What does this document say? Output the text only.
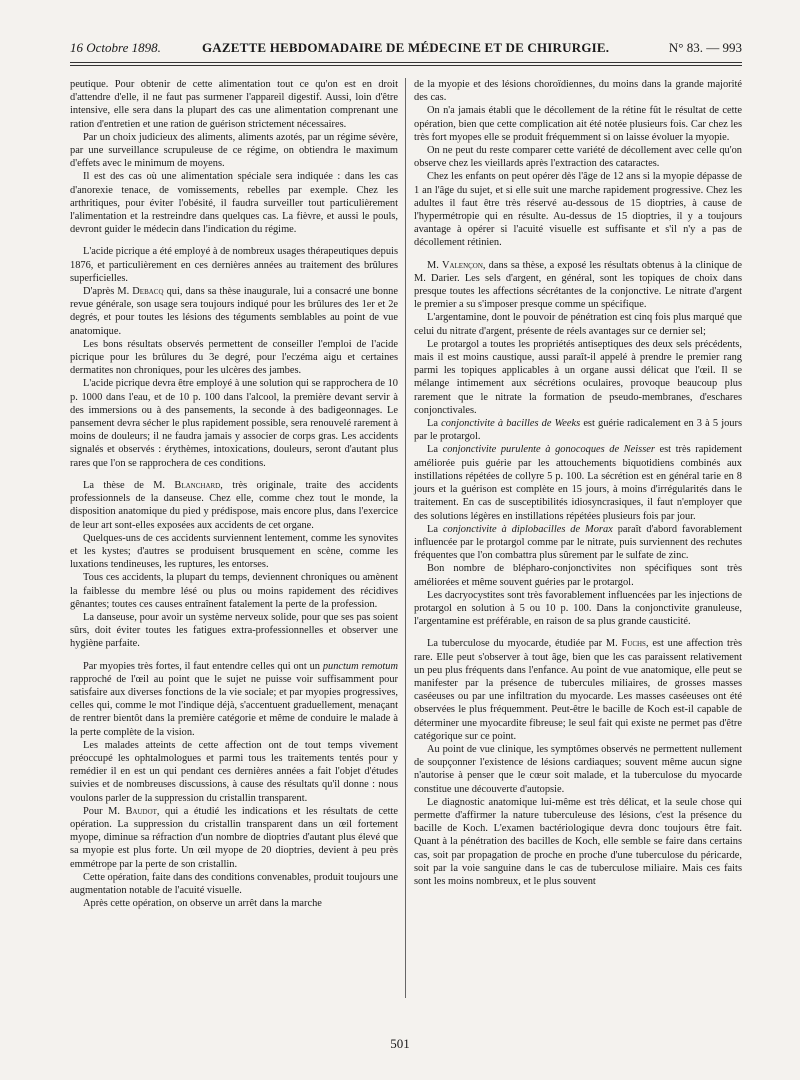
16 Octobre 1898.	GAZETTE HEBDOMADAIRE DE MÉDECINE ET DE CHIRURGIE.	N° 83. — 993

peutique. Pour obtenir de cette alimentation tout ce qu'on est en droit d'attendre d'elle, il ne faut pas surmener l'appareil digestif. Aussi, loin d'être intensive, elle sera dans la plupart des cas une alimentation comprenant une ration d'entretien et une ration de guérison strictement nécessaires.

Par un choix judicieux des aliments, aliments azotés, par un régime sévère, par une surveillance scrupuleuse de ce régime, on obtiendra le maximum d'effets avec le minimum de moyens.

Il est des cas où une alimentation spéciale sera indiquée : dans les cas d'anorexie tenace, de vomissements, rebelles par exemple. Chez les arthritiques, pour éviter l'obésité, il faudra surveiller tout particulièrement l'alimentation et la restreindre dans quelques cas. La fièvre, et aussi le pouls, devront guider le médecin dans l'indication du régime.

L'acide picrique a été employé à de nombreux usages thérapeutiques depuis 1876, et particulièrement en ces dernières années au traitement des brûlures superficielles.

D'après M. Debacq qui, dans sa thèse inaugurale, lui a consacré une bonne revue générale, son usage sera toujours indiqué pour les brûlures des 1er et 2e degrés, et pour toutes les lésions des téguments semblables au point de vue anatomique.

Les bons résultats observés permettent de conseiller l'emploi de l'acide picrique pour les brûlures du 3e degré, pour l'eczéma aigu et certaines dermatites non chroniques, pour les ulcères des jambes.

L'acide picrique devra être employé à une solution qui se rapprochera de 10 p. 1000 dans l'eau, et de 10 p. 100 dans l'alcool, la première devant servir à des immersions ou à des pansements, la seconde à des badigeonnages. Le pansement devra sécher le plus rapidement possible, sera renouvelé rarement à moins de douleurs; il ne faudra jamais y associer de corps gras. Les accidents signalés et observés : érythèmes, intoxications, douleurs, seront d'autant plus rares que l'on se rapprochera de ces conditions.

La thèse de M. Blanchard, très originale, traite des accidents professionnels de la danseuse. Chez elle, comme chez tout le monde, la disposition anatomique du pied y prédispose, mais encore plus, dans l'exercice de leur art sont-elles exposées aux accidents de cet organe.

Quelques-uns de ces accidents surviennent lentement, comme les synovites et les kystes; d'autres se produisent brusquement en scène, comme les luxations tendineuses, les ruptures, les entorses.

Tous ces accidents, la plupart du temps, deviennent chroniques ou amènent la faiblesse du membre lésé ou plus ou moins rapidement des récidives gênantes; toutes ces causes entraînent fatalement la perte de la profession.

La danseuse, pour avoir un système nerveux solide, pour que ses pas soient sûrs, doit éviter toutes les fatigues extra-professionnelles et observer une hygiène parfaite.

Par myopies très fortes, il faut entendre celles qui ont un punctum remotum rapproché de l'œil au point que le sujet ne puisse voir suffisamment pour satisfaire aux diverses fonctions de la vie sociale; et par myopies progressives, celles qui, comme le mot l'indique déjà, s'accentuent graduellement, menaçant de rentrer bientôt dans la première catégorie et même de conduire le malade à la perte complète de la vision.

Les malades atteints de cette affection ont de tout temps vivement préoccupé les ophtalmologues et parmi tous les traitements tentés pour y remédier il en est un qui pendant ces dernières années a fait l'objet d'études suivies et de nombreuses discussions, à cause des résultats qu'il donne : nous voulons parler de la suppression du cristallin transparent.

Pour M. Baudot, qui a étudié les indications et les résultats de cette opération. La suppression du cristallin transparent dans un œil fortement myope, diminue sa réfraction d'un nombre de dioptries d'autant plus élevé que sa myopie est plus forte. Un œil myope de 20 dioptries, devient à peu près emmétrope par la perte de son cristallin.

Cette opération, faite dans des conditions convenables, produit toujours une augmentation notable de l'acuité visuelle.

Après cette opération, on observe un arrêt dans la marche

de la myopie et des lésions choroïdiennes, du moins dans la grande majorité des cas.

On n'a jamais établi que le décollement de la rétine fût le résultat de cette opération, bien que cette complication ait été notée plusieurs fois. Car chez les très fort myopes elle se produit fréquemment si on laisse évoluer la myopie.

On ne peut du reste comparer cette variété de décollement avec celle qu'on observe chez les vieillards après l'extraction des cataractes.

Chez les enfants on peut opérer dès l'âge de 12 ans si la myopie dépasse de 1 an l'âge du sujet, et si elle suit une marche rapidement progressive. Chez les adultes il faut être très réservé au-dessous de 15 dioptries, à cause de l'hypermétropie qui en résulte. Au-dessus de 15 dioptries, il y a toujours avantage à opérer si l'acuité visuelle est suffisante et s'il n'y a pas de décollement rétinien.

M. Valençon, dans sa thèse, a exposé les résultats obtenus à la clinique de M. Darier. Les sels d'argent, en général, sont les topiques de choix dans presque toutes les affections sécrétantes de la conjonctive. Le nitrate d'argent le premier a su s'imposer presque comme un spécifique.

L'argentamine, dont le pouvoir de pénétration est cinq fois plus marqué que celui du nitrate d'argent, présente de réels avantages sur ce dernier sel;

Le protargol a toutes les propriétés antiseptiques des deux sels précédents, mais il est moins caustique, aussi paraît-il appelé à prendre le premier rang parmi les topiques applicables à un organe aussi délicat que l'œil. Il se mélange intimement aux sécrétions oculaires, provoque beaucoup plus rarement que le nitrate la formation de pseudo-membranes, d'eschares conjonctivales.

La conjonctivite à bacilles de Weeks est guérie radicalement en 3 à 5 jours par le protargol.

La conjonctivite purulente à gonocoques de Neisser est très rapidement améliorée puis guérie par les attouchements biquotidiens combinés aux instillations répétées de collyre 5 p. 100. La sécrétion est en général tarie en 8 jours et la guérison est complète en 15 jours, à moins d'irrégularités dans le traitement. En cas de susceptibilités idiosyncrasiques, il faut n'employer que des solutions légères en instillations répétées plusieurs fois par jour.

La conjonctivite à diplobacilles de Morax paraît d'abord favorablement influencée par le protargol comme par le nitrate, puis surviennent des rechutes fréquentes que l'on combattra plus sûrement par le sulfate de zinc.

Bon nombre de blépharo-conjonctivites non spécifiques sont très améliorées et même souvent guéries par le protargol.

Les dacryocystites sont très favorablement influencées par les injections de protargol en solution à 5 ou 10 p. 100. Dans la conjonctivite granuleuse, l'argentamine est préférable, en raison de sa plus grande causticité.

La tuberculose du myocarde, étudiée par M. Fuchs, est une affection très rare. Elle peut s'observer à tout âge, bien que les cas paraissent relativement un peu plus fréquents dans l'enfance. Au point de vue anatomique, elle peut se manifester par la présence de tubercules miliaires, de grosses masses caséeuses ou par une infiltration du myocarde. Les masses caséeuses ont été observées le plus fréquemment. Peut-être le bacille de Koch est-il capable de déterminer une myocardite fibreuse; le seul fait qui existe ne permet pas d'être catégorique sur ce point.

Au point de vue clinique, les symptômes observés ne permettent nullement de soupçonner l'existence de lésions cardiaques; souvent même aucun signe n'autorise à penser que le cœur soit malade, et la tuberculose du myocarde constitue une découverte d'autopsie.

Le diagnostic anatomique lui-même est très délicat, et la seule chose qui permette d'affirmer la nature tuberculeuse des lésions, c'est la présence du bacille de Koch. L'examen bactériologique devra donc toujours être fait. Quant à la pénétration des bacilles de Koch, elle semble se faire dans certains cas, soit par propagation de proche en proche d'une tuberculose du péricarde, soit par la voie sanguine dans le cas de tuberculose miliaire. Mais ces faits sont les moins nombreux, et le plus souvent

501
